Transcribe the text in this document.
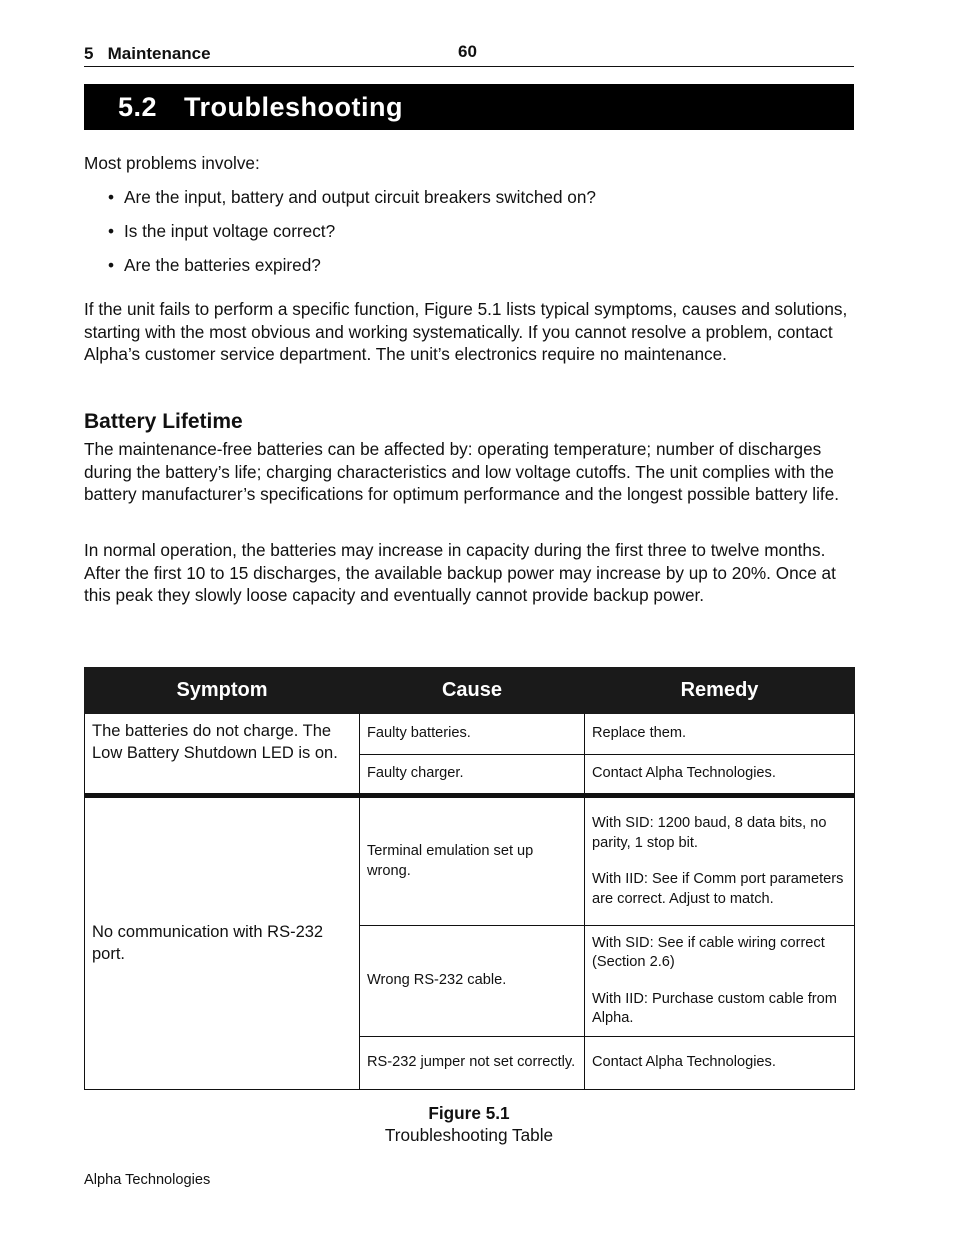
5   Maintenance	60
5.2 Troubleshooting

Most problems involve:

• Are the input, battery and output circuit breakers switched on?
• Is the input voltage correct?
• Are the batteries expired?

If the unit fails to perform a specific function, Figure 5.1 lists typical symptoms, causes and solutions, starting with the most obvious and working systematically. If you cannot resolve a problem, contact Alpha’s customer service department. The unit’s electronics require no maintenance.

Battery Lifetime

The maintenance-free batteries can be affected by: operating temperature; number of discharges during the battery’s life; charging characteristics and low voltage cutoffs. The unit complies with the battery manufacturer’s specifications for optimum performance and the longest possible battery life.

In normal operation, the batteries may increase in capacity during the first three to twelve months. After the first 10 to 15 discharges, the available backup power may increase by up to 20%. Once at this peak they slowly loose capacity and eventually cannot provide backup power.

Symptom	Cause	Remedy
The batteries do not charge. The Low Battery Shutdown LED is on.	Faulty batteries.	Replace them.
	Faulty charger.	Contact Alpha Technologies.
No communication with RS-232 port.	Terminal emulation set up wrong.	With SID: 1200 baud, 8 data bits, no parity, 1 stop bit.
With IID: See if Comm port parameters are correct. Adjust to match.

	Wrong RS-232 cable.	With SID: See if cable wiring correct (Section 2.6)
With IID: Purchase custom cable from Alpha.

	RS-232 jumper not set correctly.	Contact Alpha Technologies.
Figure 5.1
Troubleshooting Table
Alpha Technologies
